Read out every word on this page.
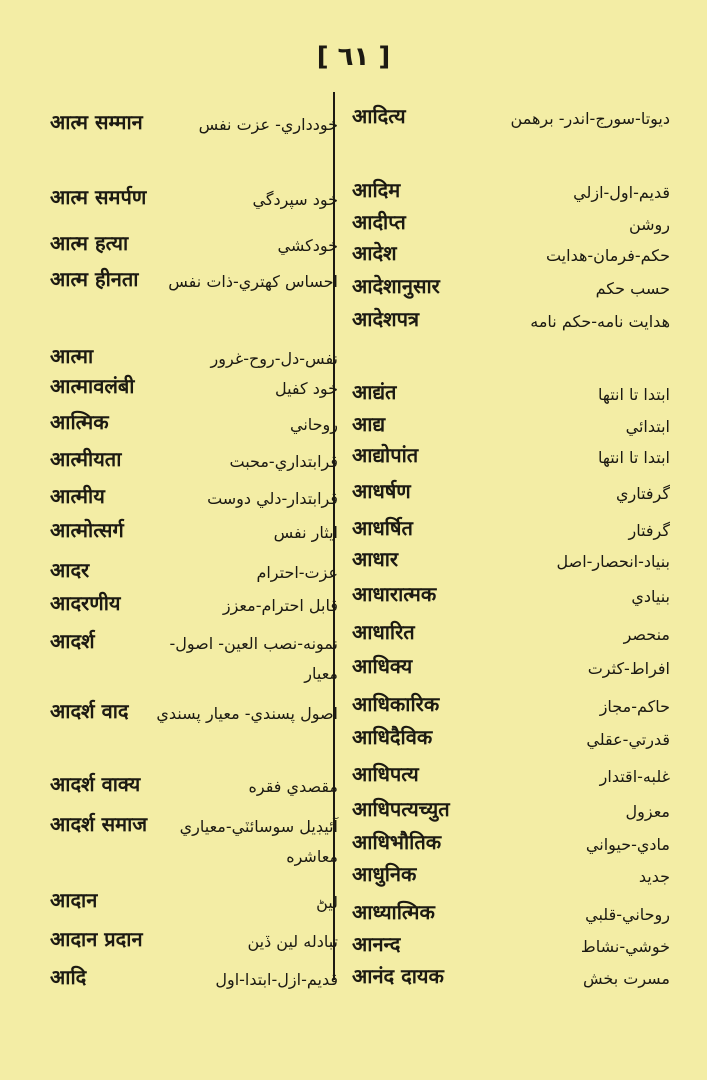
[ ٦١ ]
आत्म सम्मान	خودداري- عزت نفس
आत्म समर्पण	خود سپردگي
आत्म हत्या	خودکشي
आत्म हीनता	احساس کهتري-ذات نفس
आत्मा	نفس-دل-روح-غرور
आत्मावलंबी	خود کفيل
आत्मिक	روحاني
आत्मीयता	قرابتداري-محبت
आत्मीय	قرابتدار-دلي دوست
आत्मोत्सर्ग	ايثار نفس
आदर	عزت-احترام
आदरणीय	قابل احترام-معزز
आदर्श	نمونه-نصب العين- اصول-معيار
आदर्श वाद	اصول پسندي- معيار پسندي
आदर्श वाक्य	مقصدي فقره
आदर्श समाज	آئيڊيل سوسائٽي-معياري معاشره
आदान	ليڻ
आदान प्रदान	تبادله لين ڏين
आदि	قديم-ازل-ابتدا-اول
आदित्य	ديوتا-سورج-اندر- برهمن
आदिम	قديم-اول-ازلي
आदीप्त	روشن
आदेश	حکم-فرمان-هدايت
आदेशानुसार	حسب حکم
आदेशपत्र	هدايت نامه-حکم نامه
आद्यंत	ابتدا تا انتها
आद्य	ابتدائي
आद्योपांत	ابتدا تا انتها
आधर्षण	گرفتاري
आधर्षित	گرفتار
आधार	بنياد-انحصار-اصل
आधारात्मक	بنيادي
आधारित	منحصر
आधिक्य	افراط-کثرت
आधिकारिक	حاکم-مجاز
आधिदैविक	قدرتي-عقلي
आधिपत्य	غلبه-اقتدار
आधिपत्यच्युत	معزول
आधिभौतिक	مادي-حيواني
आधुनिक	جديد
आध्यात्मिक	روحاني-قلبي
आनन्द	خوشي-نشاط
आनंद दायक	مسرت بخش
